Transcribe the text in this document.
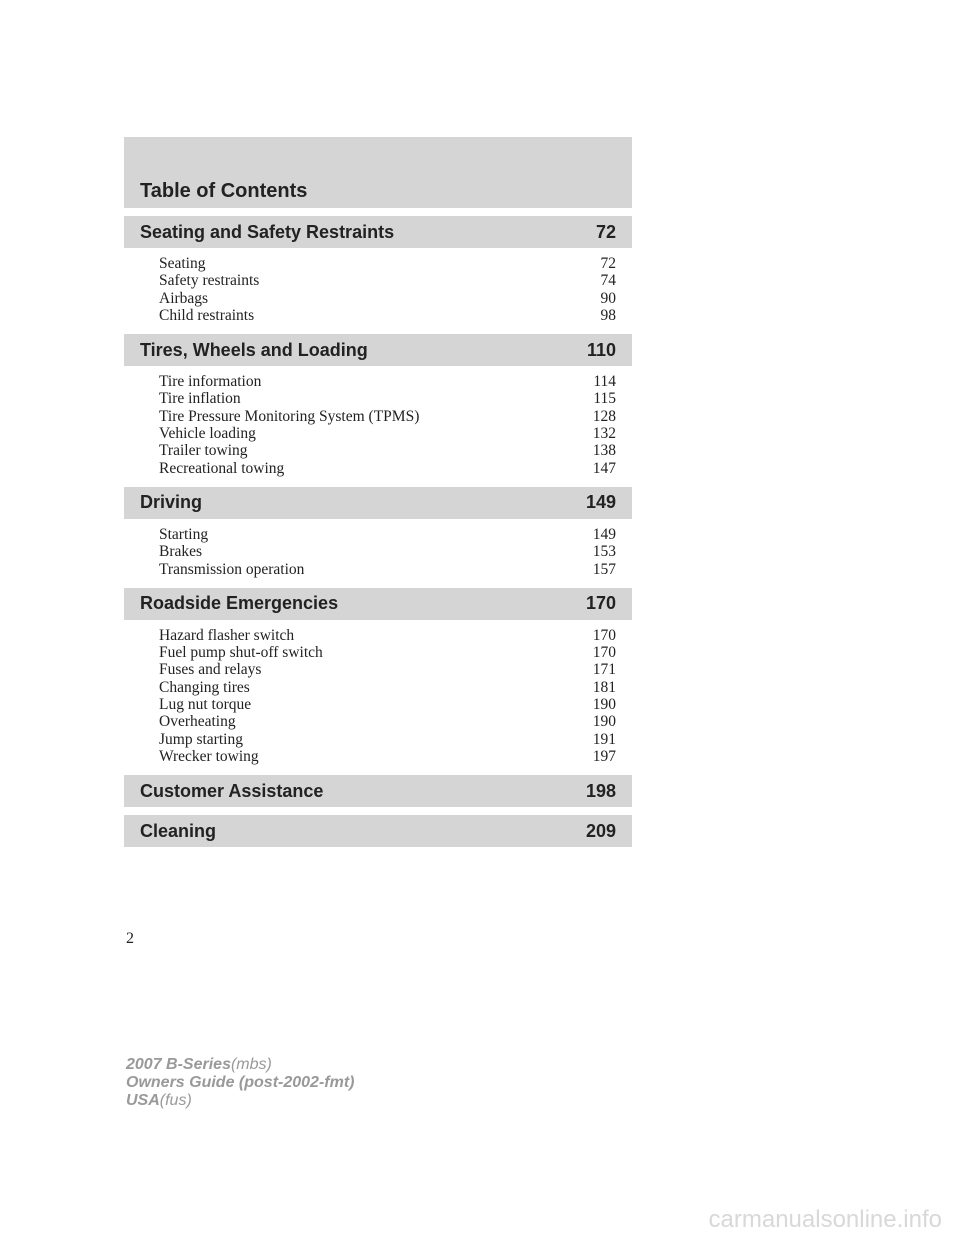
Table of Contents
Seating and Safety Restraints	72
Seating	72
Safety restraints	74
Airbags	90
Child restraints	98
Tires, Wheels and Loading	110
Tire information	114
Tire inflation	115
Tire Pressure Monitoring System (TPMS)	128
Vehicle loading	132
Trailer towing	138
Recreational towing	147
Driving	149
Starting	149
Brakes	153
Transmission operation	157
Roadside Emergencies	170
Hazard flasher switch	170
Fuel pump shut-off switch	170
Fuses and relays	171
Changing tires	181
Lug nut torque	190
Overheating	190
Jump starting	191
Wrecker towing	197
Customer Assistance	198
Cleaning	209
2
2007 B-Series(mbs)
Owners Guide (post-2002-fmt)
USA(fus)
carmanualsonline.info
